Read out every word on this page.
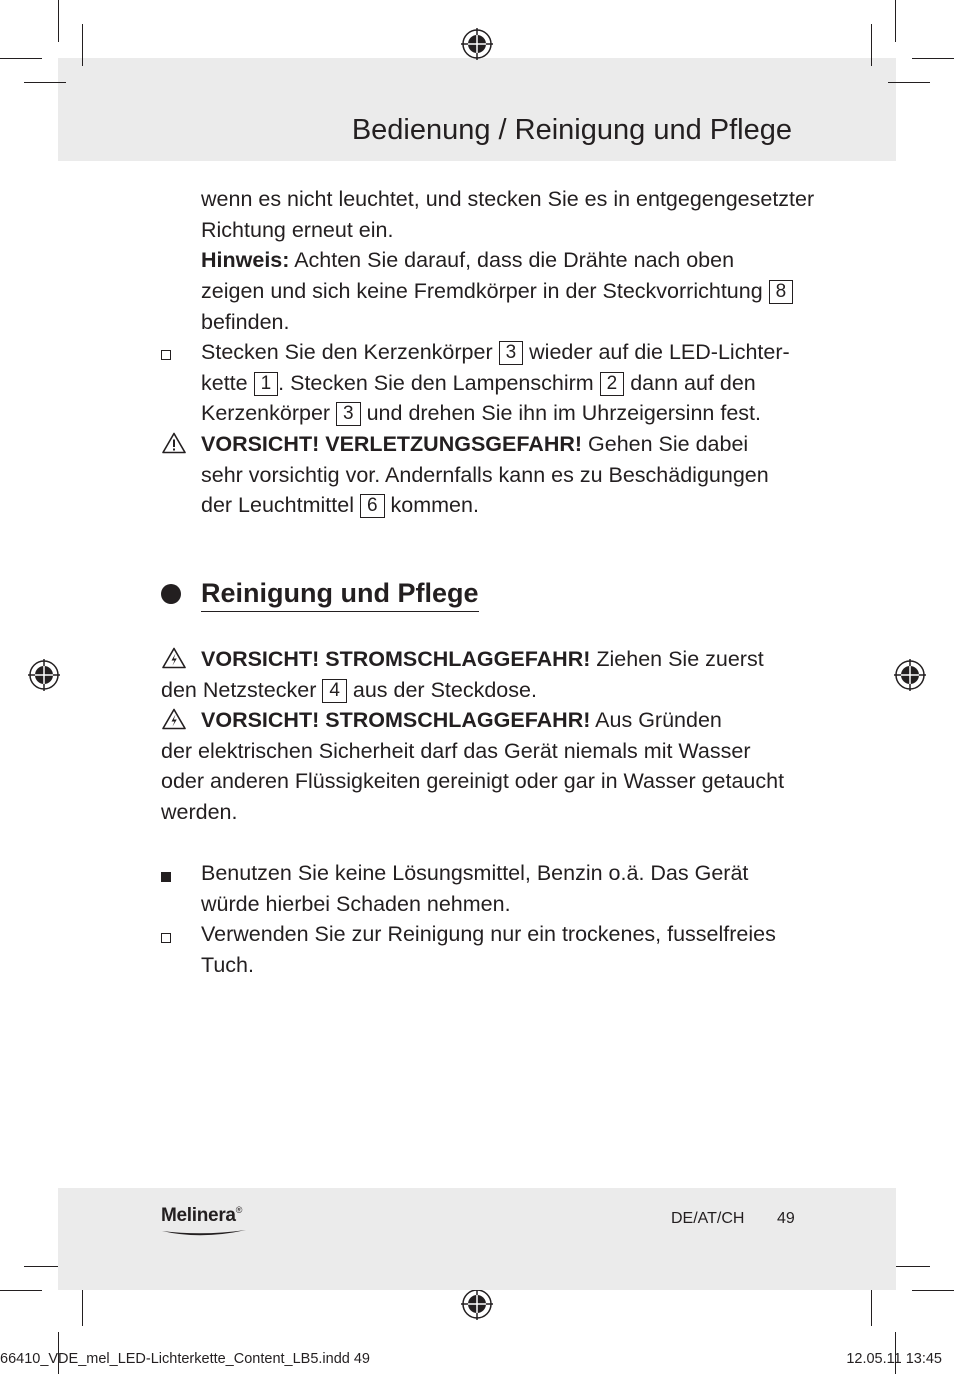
Bedienung / Reinigung und Pflege

wenn es nicht leuchtet, und stecken Sie es in entgegengesetzter

Richtung erneut ein.

Hinweis: Achten Sie darauf, dass die Drähte nach oben

zeigen und sich keine Fremdkörper in der Steckvorrichtung 8

befinden.

Stecken Sie den Kerzenkörper 3 wieder auf die LED-Lichter-

kette 1 . Stecken Sie den Lampenschirm 2 dann auf den

Kerzenkörper 3 und drehen Sie ihn im Uhrzeigersinn fest.

VORSICHT! VERLETZUNGSGEFAHR! Gehen Sie dabei

sehr vorsichtig vor. Andernfalls kann es zu Beschädigungen

der Leuchtmittel 6 kommen.

Reinigung und Pflege

VORSICHT! STROMSCHLAGGEFAHR! Ziehen Sie zuerst

den Netzstecker 4 aus der Steckdose.

VORSICHT! STROMSCHLAGGEFAHR! Aus Gründen

der elektrischen Sicherheit darf das Gerät niemals mit Wasser

oder anderen Flüssigkeiten gereinigt oder gar in Wasser getaucht

werden.

Benutzen Sie keine Lösungsmittel, Benzin o.ä. Das Gerät

würde hierbei Schaden nehmen.

Verwenden Sie zur Reinigung nur ein trockenes, fusselfreies

Tuch.

Melinera®	DE/AT/CH 49
66410_VDE_mel_LED-Lichterkette_Content_LB5.indd 49	12.05.11 13:45
